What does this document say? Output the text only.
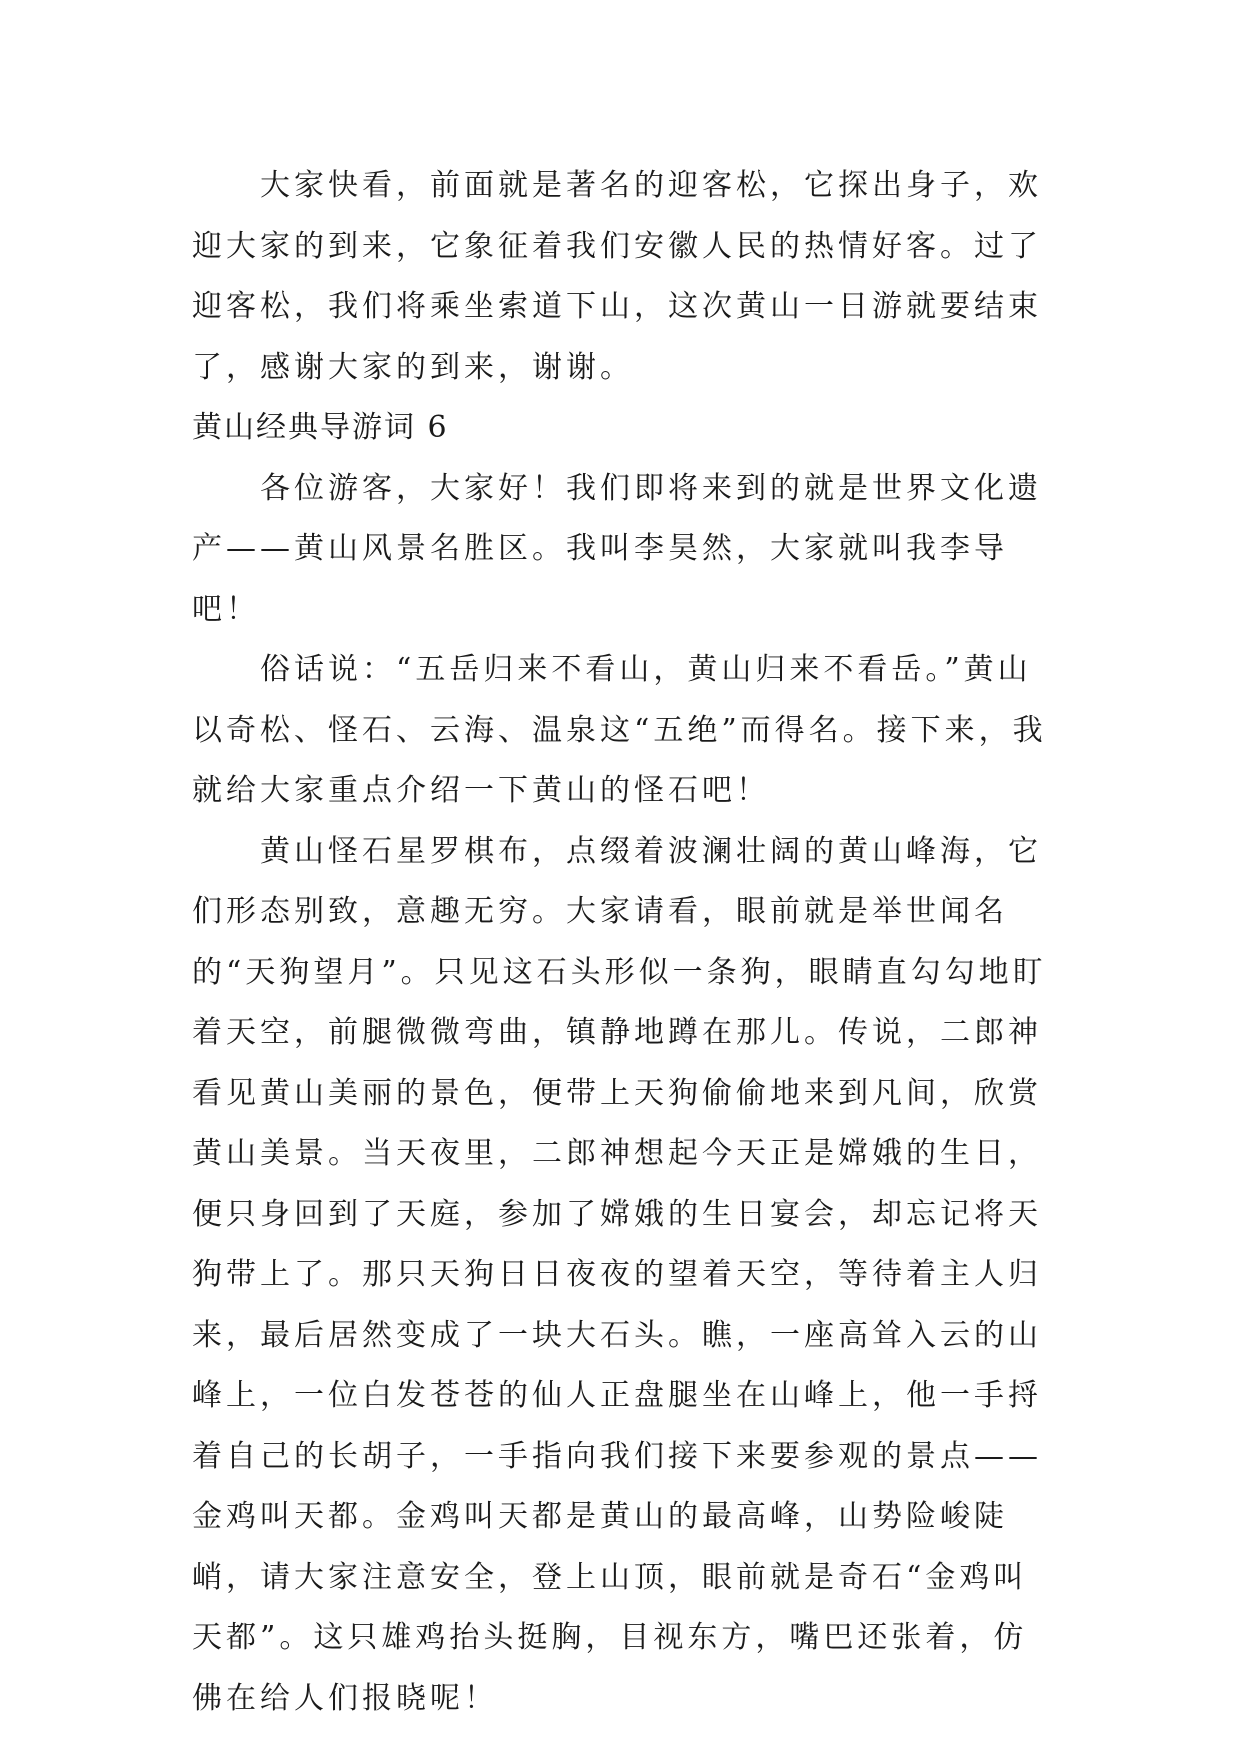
大家快看，前面就是著名的迎客松，它探出身子，欢迎大家的到来，它象征着我们安徽人民的热情好客。过了迎客松，我们将乘坐索道下山，这次黄山一日游就要结束了，感谢大家的到来，谢谢。

黄山经典导游词 6

各位游客，大家好！我们即将来到的就是世界文化遗产——黄山风景名胜区。我叫李昊然，大家就叫我李导吧！

俗话说：“五岳归来不看山，黄山归来不看岳。”黄山以奇松、怪石、云海、温泉这“五绝”而得名。接下来，我就给大家重点介绍一下黄山的怪石吧！

黄山怪石星罗棋布，点缀着波澜壮阔的黄山峰海，它们形态别致，意趣无穷。大家请看，眼前就是举世闻名的“天狗望月”。只见这石头形似一条狗，眼睛直勾勾地盯着天空，前腿微微弯曲，镇静地蹲在那儿。传说，二郎神看见黄山美丽的景色，便带上天狗偷偷地来到凡间，欣赏黄山美景。当天夜里，二郎神想起今天正是嫦娥的生日，便只身回到了天庭，参加了嫦娥的生日宴会，却忘记将天狗带上了。那只天狗日日夜夜的望着天空，等待着主人归来，最后居然变成了一块大石头。瞧，一座高耸入云的山峰上，一位白发苍苍的仙人正盘腿坐在山峰上，他一手捋着自己的长胡子，一手指向我们接下来要参观的景点——金鸡叫天都。金鸡叫天都是黄山的最高峰，山势险峻陡峭，请大家注意安全，登上山顶，眼前就是奇石“金鸡叫天都”。这只雄鸡抬头挺胸，目视东方，嘴巴还张着，仿佛在给人们报晓呢！
